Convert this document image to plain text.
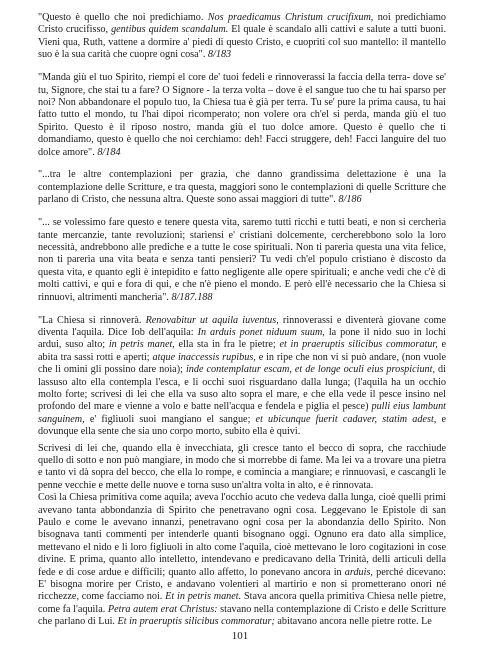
"Questo è quello che noi predichiamo. Nos praedicamus Christum crucifixum, noi predichiamo Cristo crucifisso, gentibus quidem scandalum. El quale è scandalo alli cattivi e salute a tutti buoni. Vieni qua, Ruth, vattene a dormire a' piedi di questo Cristo, e cuopriti col suo mantello: il mantello suo è la sua carità che cuopre ogni cosa". 8/183

"Manda giù el tuo Spirito, riempi el core de' tuoi fedeli e rinnoverassi la faccia della terra- dove se' tu, Signore, che stai tu a fare? O Signore - la terza volta – dove è el sangue tuo che tu hai sparso per noi? Non abbandonare el populo tuo, la Chiesa tua è già per terra. Tu se' pure la prima causa, tu hai fatto tutto el mondo, tu l'hai dipoi ricomperato; non volere ora ch'el si perda, manda giù el tuo Spirito. Questo è il riposo nostro, manda giù el tuo dolce amore. Questo è quello che ti domandiamo, questo è quello che noi cerchiamo: deh! Facci struggere, deh! Facci languire del tuo dolce amore". 8/184

"...tra le altre contemplazioni per grazia, che danno grandissima delettazione è una la contemplazione delle Scritture, e tra questa, maggiori sono le contemplazioni di quelle Scritture che parlano di Cristo, che nessuna altra. Queste sono assai maggiori di tutte". 8/186

"... se volessimo fare questo e tenere questa vita, saremo tutti ricchi e tutti beati, e non si cercherìa tante mercanzie, tante revoluzioni; starìensi e' cristiani dolcemente, cercherebbono solo la loro necessità, andrebbono alle prediche e a tutte le cose spirituali. Non ti parerìa questa una vita felice, non ti parerìa una vita beata e senza tanti pensieri? Tu vedi ch'el populo cristiano è discosto da questa vita, e quanto egli è intepidito e fatto negligente alle opere spirituali; e anche vedi che c'è di molti cattivi, e qui e fora di qui, e che n'è pieno el mondo. E però ell'è necessario che la Chiesa si rinnuovi, altrimenti mancherìa". 8/187.188

"La Chiesa si rinnoverà. Renovabitur ut aquila iuventus, rinnoverassi e diventerà giovane come diventa l'aquila. Dice Iob dell'aquila: In arduis ponet niduum suum, la pone il nido suo in lochi ardui, suso alto; in petris manet, ella sta in fra le pietre; et in praeruptis silicibus commoratur, e abita tra sassi rotti e aperti; atque inaccessis rupibus, e in ripe che non vi si può andare, (non vuole che li omini gli possino dare noia); inde contemplatur escam, et de longe oculi eius prospiciunt, di lassuso alto ella contempla l'esca, e li occhi suoi risguardano dalla lunga; (l'aquila ha un occhio molto forte; scrivesi di lei che ella va suso alto sopra el mare, e che ella vede il pesce insino nel profondo del mare e vienne a volo e batte nell'acqua e fendela e piglia el pesce) pulli eius lambunt sanguinem, e' figliuoli suoi mangiano el sangue; et ubicunque fuerit cadaver, statim adest, e dovunque ella sente che sia uno corpo morto, subito ella è quivi.

Scrivesi di lei che, quando ella è invecchiata, gli cresce tanto el becco di sopra, che racchiude quello di sotto e non può mangiare, in modo che si morrebbe di fame. Ma lei va a trovare una pietra e tanto vi dà sopra del becco, che ella lo rompe, e comincia a mangiare; e rinnuovasi, e cascangli le penne vecchie e mette delle nuove e torna suso un'altra volta in alto, e è rinnovata.

Così la Chiesa primitiva come aquila; aveva l'occhio acuto che vedeva dalla lunga, cioè quelli primi avevano tanta abbondanzia di Spirito che penetravano ogni cosa. Leggevano le Epistole di san Paulo e come le avevano innanzi, penetravano ogni cosa per la abondanzia dello Spirito. Non bisognava tanti commenti per intenderle quanti bisognano oggi. Ognuno era dato alla simplice, mettevano el nido e li loro figliuoli in alto come l'aquila, cioè mettevano le loro cogitazioni in cose divine. E prima, quanto allo intelletto, intendevano e predicavano della Trinità, delli articuli della fede e di cose ardue e difficili; quanto allo affetto, lo ponevano ancora in arduis, perché dicevano: E' bisogna morire per Cristo, e andavano volentieri al martirio e non si prometterano onori né ricchezze, come facciamo noi. Et in petris manet. Stava ancora quella primitiva Chiesa nelle pietre, come fa l'aquila. Petra autem erat Christus: stavano nella contemplazione di Cristo e delle Scritture che parlano di Lui. Et in praeruptis silicibus commoratur; abitavano ancora nelle pietre rotte. Le

101
